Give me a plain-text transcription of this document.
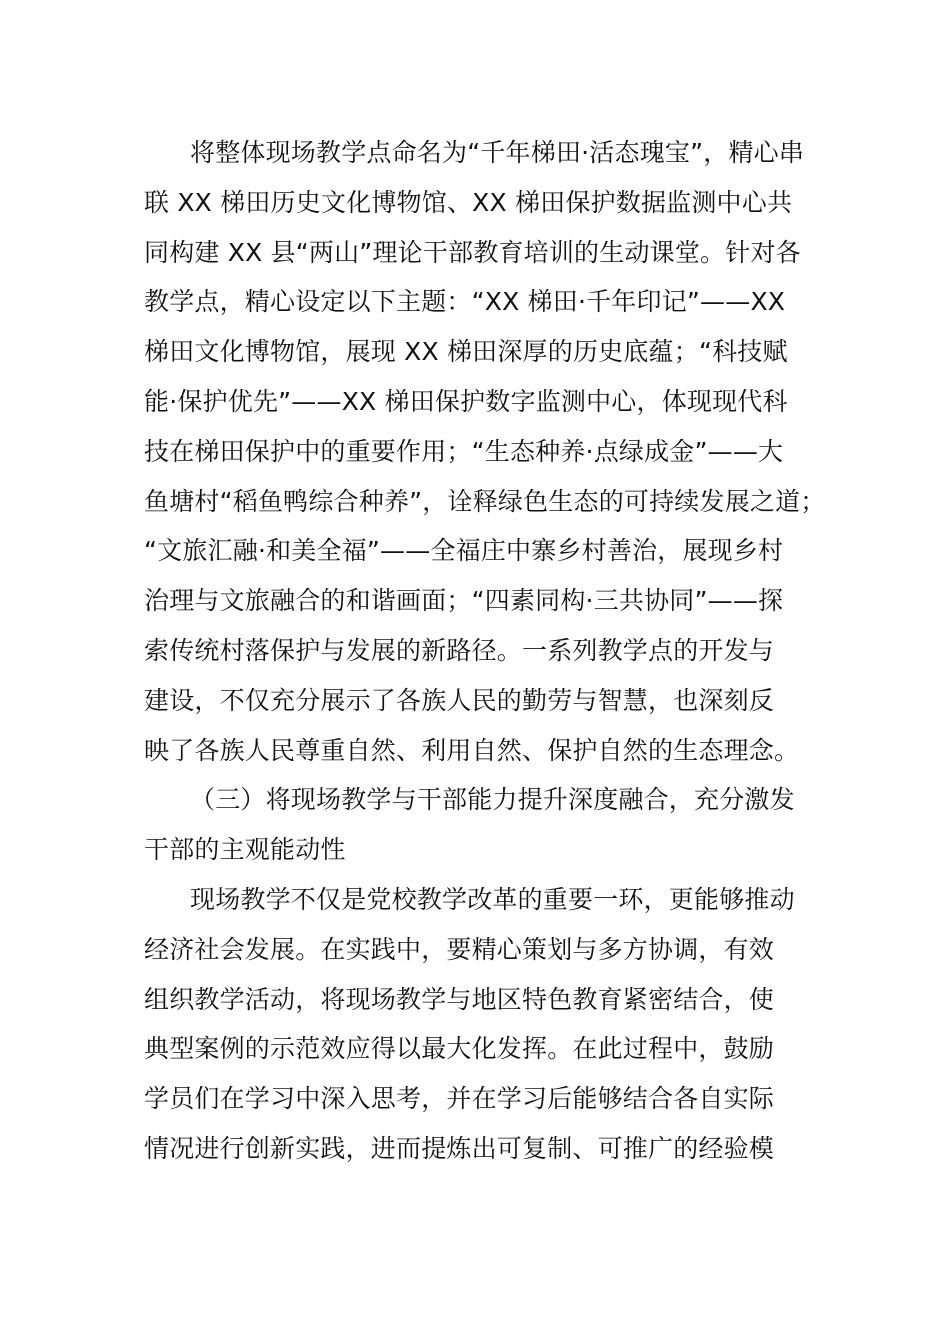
将整体现场教学点命名为“千年梯田·活态瑰宝”，精心串
联 XX 梯田历史文化博物馆、XX 梯田保护数据监测中心共
同构建 XX 县“两山”理论干部教育培训的生动课堂。针对各
教学点，精心设定以下主题：“XX 梯田·千年印记”——XX
梯田文化博物馆，展现 XX 梯田深厚的历史底蕴；“科技赋
能·保护优先”——XX 梯田保护数字监测中心，体现现代科
技在梯田保护中的重要作用；“生态种养·点绿成金”——大
鱼塘村“稻鱼鸭综合种养”，诠释绿色生态的可持续发展之道；
“文旅汇融·和美全福”——全福庄中寨乡村善治，展现乡村
治理与文旅融合的和谐画面；“四素同构·三共协同”——探
索传统村落保护与发展的新路径。一系列教学点的开发与
建设，不仅充分展示了各族人民的勤劳与智慧，也深刻反
映了各族人民尊重自然、利用自然、保护自然的生态理念。
（三）将现场教学与干部能力提升深度融合，充分激发
干部的主观能动性
现场教学不仅是党校教学改革的重要一环，更能够推动
经济社会发展。在实践中，要精心策划与多方协调，有效
组织教学活动，将现场教学与地区特色教育紧密结合，使
典型案例的示范效应得以最大化发挥。在此过程中，鼓励
学员们在学习中深入思考，并在学习后能够结合各自实际
情况进行创新实践，进而提炼出可复制、可推广的经验模
